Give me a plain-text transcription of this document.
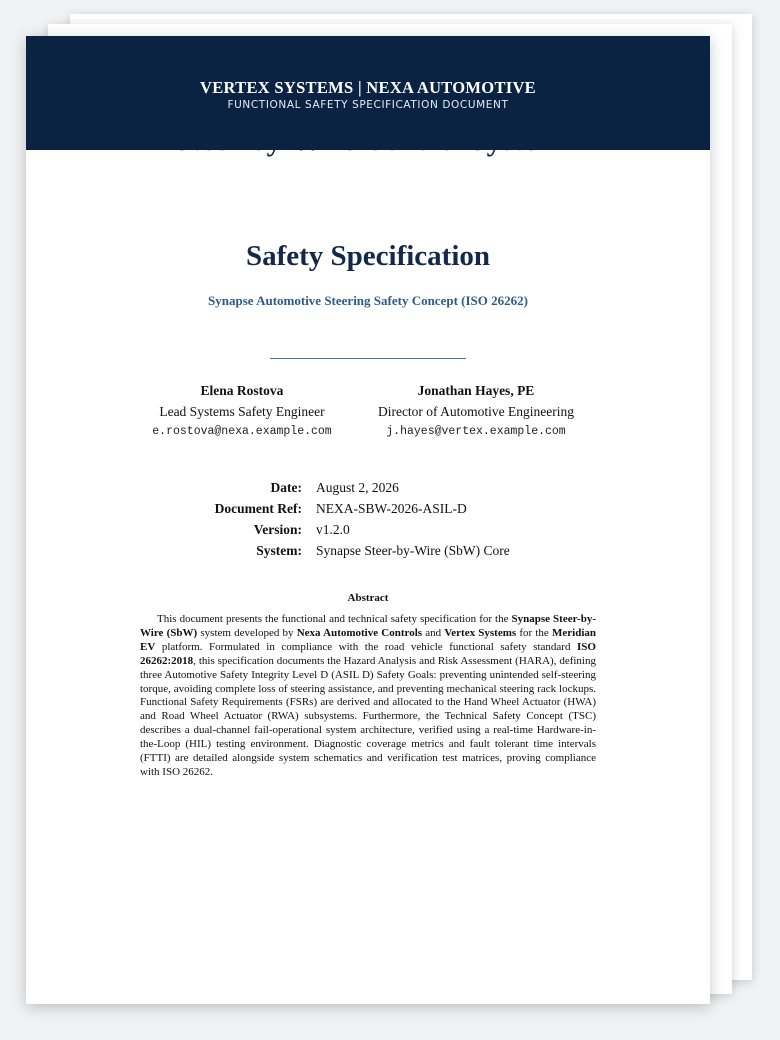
VERTEX SYSTEMS | NEXA AUTOMOTIVE
FUNCTIONAL SAFETY SPECIFICATION DOCUMENT
Safety Specification
Synapse Automotive Steering Safety Concept (ISO 26262)
Elena Rostova
Lead Systems Safety Engineer
e.rostova@nexa.example.com
Jonathan Hayes, PE
Director of Automotive Engineering
j.hayes@vertex.example.com
Date:	August 2, 2026
Document Ref:	NEXA-SBW-2026-ASIL-D
Version:	v1.2.0
System:	Synapse Steer-by-Wire (SbW) Core
Abstract

This document presents the functional and technical safety specification for the Synapse Steer-by-Wire (SbW) system developed by Nexa Automotive Controls and Vertex Systems for the Meridian EV platform. Formulated in compliance with the road vehicle functional safety standard ISO 26262:2018, this specification documents the Hazard Analysis and Risk Assessment (HARA), defining three Automotive Safety Integrity Level D (ASIL D) Safety Goals: preventing unintended self-steering torque, avoiding complete loss of steering assistance, and preventing mechanical steering rack lockups. Functional Safety Requirements (FSRs) are derived and allocated to the Hand Wheel Actuator (HWA) and Road Wheel Actuator (RWA) subsystems. Furthermore, the Technical Safety Concept (TSC) describes a dual-channel fail-operational system architecture, verified using a real-time Hardware-in-the-Loop (HIL) testing environment. Diagnostic coverage metrics and fault tolerant time intervals (FTTI) are detailed alongside system schematics and verification test matrices, proving compliance with ISO 26262.
